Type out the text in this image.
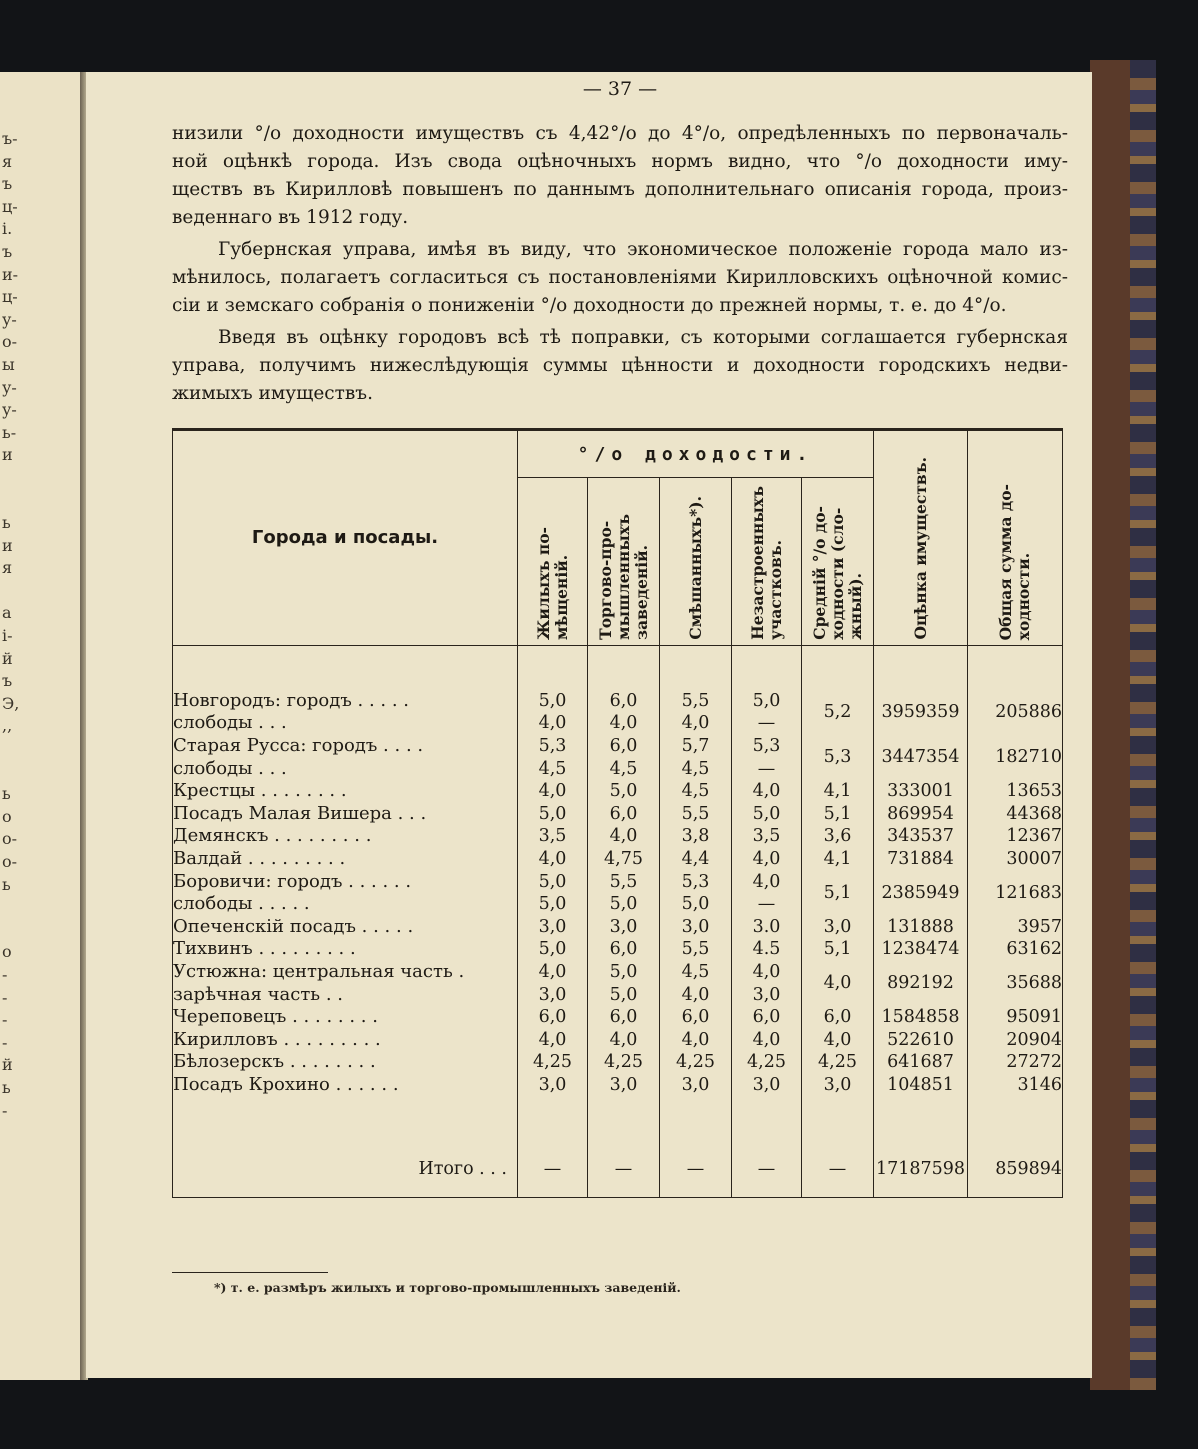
ъ-
я
ъ
ц-
і.
ъ
и-
ц-
у-
о-
ы
у-
у-
ь-
и
ь
и
я
а
і-
й
ъ
Э,
,,
ь
о
о-
о-
ь
о
-
-
-
-
й
ь
-
— 37 —
низили °/о доходности имуществъ съ 4,42°/о до 4°/о, опредѣленныхъ по первоначаль-
ной оцѣнкѣ города. Изъ свода оцѣночныхъ нормъ видно, что °/о доходности иму-
ществъ въ Кирилловѣ повышенъ по даннымъ дополнительнаго описанія города, произ-
веденнаго въ 1912 году.
Губернская управа, имѣя въ виду, что экономическое положеніе города мало из-
мѣнилось, полагаетъ согласиться съ постановленіями Кирилловскихъ оцѣночной комис-
сіи и земскаго собранія о пониженіи °/о доходности до прежней нормы, т. е. до 4°/о.
Введя въ оцѣнку городовъ всѣ тѣ поправки, съ которыми соглашается губернская
управа, получимъ нижеслѣдующія суммы цѣнности и доходности городскихъ недви-
жимыхъ имуществъ.
Города и посады.	°/о доходости.					Оцѣнка имуществъ.	Общая сумма до-
ходности.
	Жилыхъ по-
мѣщеній.	Торгово-про-
мышленныхъ
заведеній.	Смѣшанныхъ*).	Незастроенныхъ
участковъ.	Средній °/о до-
ходности (сло-
жный).		

Новгородъ: городъ . . . . .	5,0	6,0	5,5	5,0	5,2	3959359	205886
слободы . . .	4,0	4,0	4,0	—			
Старая Русса: городъ . . . .	5,3	6,0	5,7	5,3	5,3	3447354	182710
слободы . . .	4,5	4,5	4,5	—			
Крестцы . . . . . . . .	4,0	5,0	4,5	4,0	4,1	333001	13653
Посадъ Малая Вишера . . .	5,0	6,0	5,5	5,0	5,1	869954	44368
Демянскъ . . . . . . . . .	3,5	4,0	3,8	3,5	3,6	343537	12367
Валдай . . . . . . . . .	4,0	4,75	4,4	4,0	4,1	731884	30007
Боровичи: городъ . . . . . .	5,0	5,5	5,3	4,0	5,1	2385949	121683
слободы . . . . .	5,0	5,0	5,0	—			
Опеченскій посадъ . . . . .	3,0	3,0	3,0	3.0	3,0	131888	3957
Тихвинъ . . . . . . . . .	5,0	6,0	5,5	4.5	5,1	1238474	63162
Устюжна: центральная часть .	4,0	5,0	4,5	4,0	4,0	892192	35688
зарѣчная часть . .	3,0	5,0	4,0	3,0			
Череповецъ . . . . . . . .	6,0	6,0	6,0	6,0	6,0	1584858	95091
Кирилловъ . . . . . . . . .	4,0	4,0	4,0	4,0	4,0	522610	20904
Бѣлозерскъ . . . . . . . .	4,25	4,25	4,25	4,25	4,25	641687	27272
Посадъ Крохино . . . . . .	3,0	3,0	3,0	3,0	3,0	104851	3146

Итого . . .	—	—	—	—	—	17187598	859894
*) т. е. размѣръ жилыхъ и торгово-промышленныхъ заведеній.
